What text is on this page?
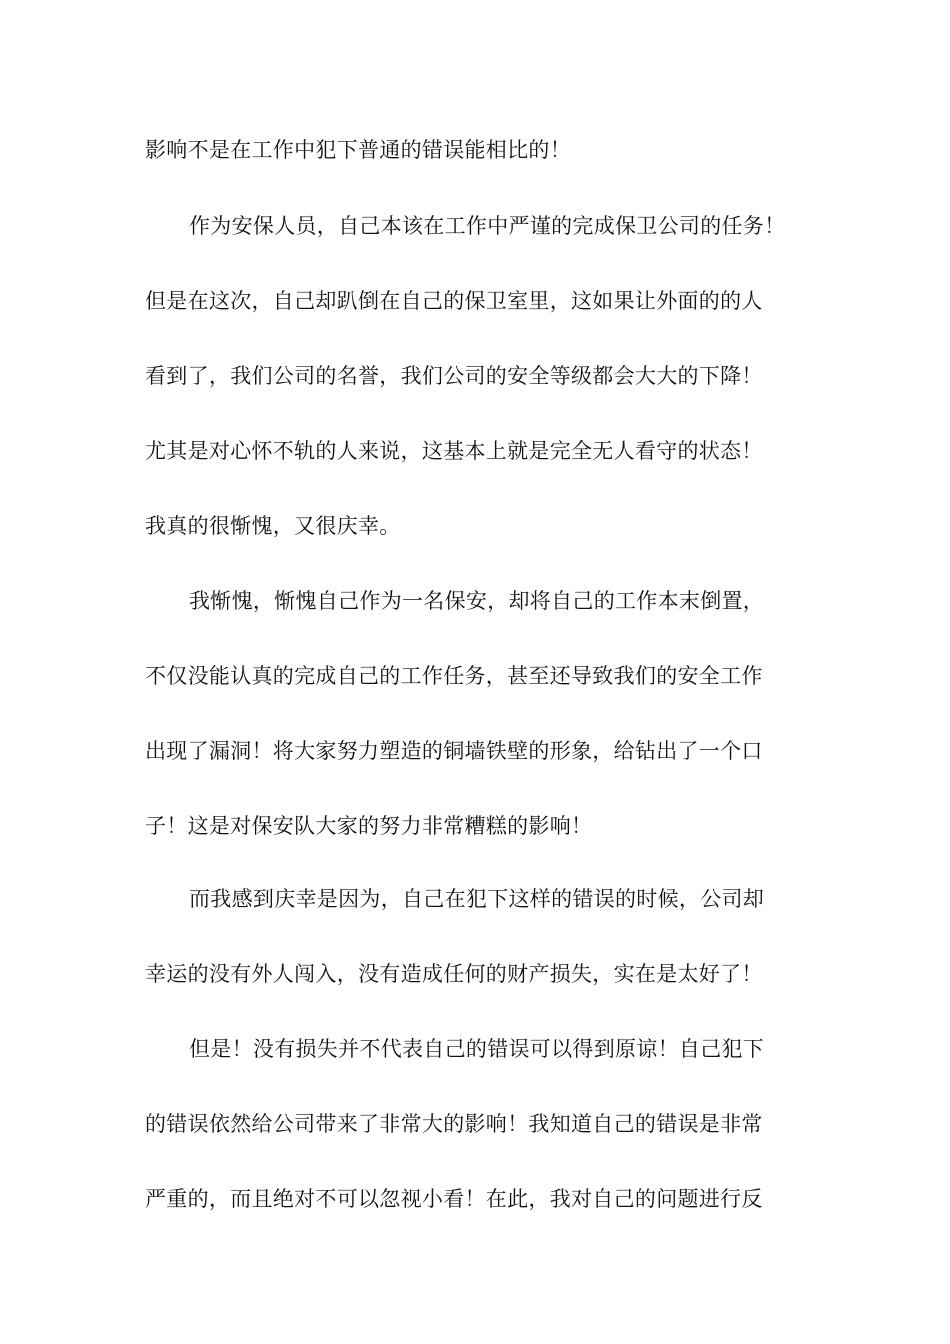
影响不是在工作中犯下普通的错误能相比的！
作为安保人员，自己本该在工作中严谨的完成保卫公司的任务！
但是在这次，自己却趴倒在自己的保卫室里，这如果让外面的的人
看到了，我们公司的名誉，我们公司的安全等级都会大大的下降！
尤其是对心怀不轨的人来说，这基本上就是完全无人看守的状态！
我真的很惭愧，又很庆幸。
我惭愧，惭愧自己作为一名保安，却将自己的工作本末倒置，
不仅没能认真的完成自己的工作任务，甚至还导致我们的安全工作
出现了漏洞！将大家努力塑造的铜墙铁壁的形象，给钻出了一个口
子！这是对保安队大家的努力非常糟糕的影响！
而我感到庆幸是因为，自己在犯下这样的错误的时候，公司却
幸运的没有外人闯入，没有造成任何的财产损失，实在是太好了！
但是！没有损失并不代表自己的错误可以得到原谅！自己犯下
的错误依然给公司带来了非常大的影响！我知道自己的错误是非常
严重的，而且绝对不可以忽视小看！在此，我对自己的问题进行反
